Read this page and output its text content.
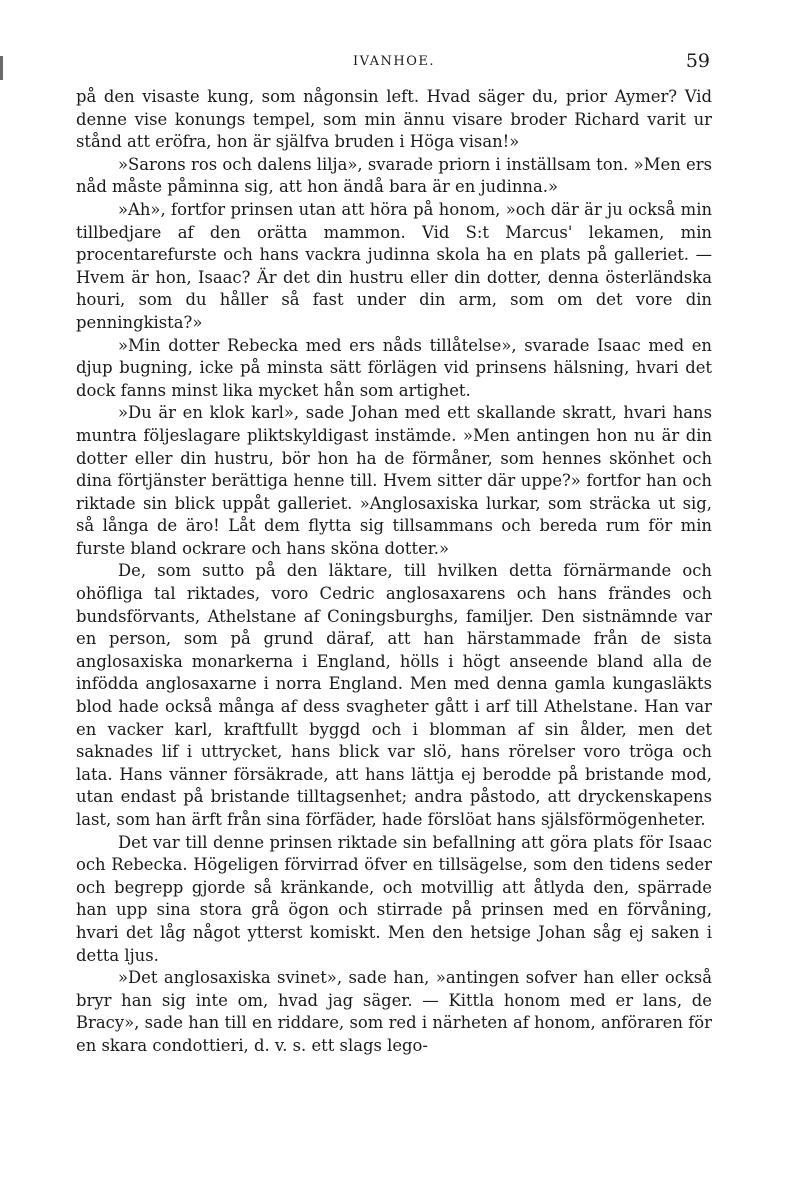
IVANHOE.	59

på den visaste kung, som någonsin left. Hvad säger du, prior Aymer? Vid denne vise konungs tempel, som min ännu visare broder Richard varit ur stånd att eröfra, hon är själfva bruden i Höga visan!»

»Sarons ros och dalens lilja», svarade priorn i inställsam ton. »Men ers nåd måste påminna sig, att hon ändå bara är en judinna.»

»Ah», fortfor prinsen utan att höra på honom, »och där är ju också min tillbedjare af den orätta mammon. Vid S:t Marcus' lekamen, min procentarefurste och hans vackra judinna skola ha en plats på galleriet. — Hvem är hon, Isaac? Är det din hustru eller din dotter, denna österländska houri, som du håller så fast under din arm, som om det vore din penningkista?»

»Min dotter Rebecka med ers nåds tillåtelse», svarade Isaac med en djup bugning, icke på minsta sätt förlägen vid prinsens hälsning, hvari det dock fanns minst lika mycket hån som artighet.

»Du är en klok karl», sade Johan med ett skallande skratt, hvari hans muntra följeslagare pliktskyldigast instämde. »Men antingen hon nu är din dotter eller din hustru, bör hon ha de förmåner, som hennes skönhet och dina förtjänster berättiga henne till. Hvem sitter där uppe?» fortfor han och riktade sin blick uppåt galleriet. »Anglosaxiska lurkar, som sträcka ut sig, så långa de äro! Låt dem flytta sig tillsammans och bereda rum för min furste bland ockrare och hans sköna dotter.»

De, som sutto på den läktare, till hvilken detta förnärmande och ohöfliga tal riktades, voro Cedric anglosaxarens och hans frändes och bundsförvants, Athelstane af Coningsburghs, familjer. Den sistnämnde var en person, som på grund däraf, att han härstammade från de sista anglosaxiska monarkerna i England, hölls i högt anseende bland alla de infödda anglosaxarne i norra England. Men med denna gamla kungasläkts blod hade också många af dess svagheter gått i arf till Athelstane. Han var en vacker karl, kraftfullt byggd och i blomman af sin ålder, men det saknades lif i uttrycket, hans blick var slö, hans rörelser voro tröga och lata. Hans vänner försäkrade, att hans lättja ej berodde på bristande mod, utan endast på bristande tilltagsenhet; andra påstodo, att dryckenskapens last, som han ärft från sina förfäder, hade förslöat hans själsförmögenheter.

Det var till denne prinsen riktade sin befallning att göra plats för Isaac och Rebecka. Högeligen förvirrad öfver en tillsägelse, som den tidens seder och begrepp gjorde så kränkande, och motvillig att åtlyda den, spärrade han upp sina stora grå ögon och stirrade på prinsen med en förvåning, hvari det låg något ytterst komiskt. Men den hetsige Johan såg ej saken i detta ljus.

»Det anglosaxiska svinet», sade han, »antingen sofver han eller också bryr han sig inte om, hvad jag säger. — Kittla honom med er lans, de Bracy», sade han till en riddare, som red i närheten af honom, anföraren för en skara condottieri, d. v. s. ett slags lego-
